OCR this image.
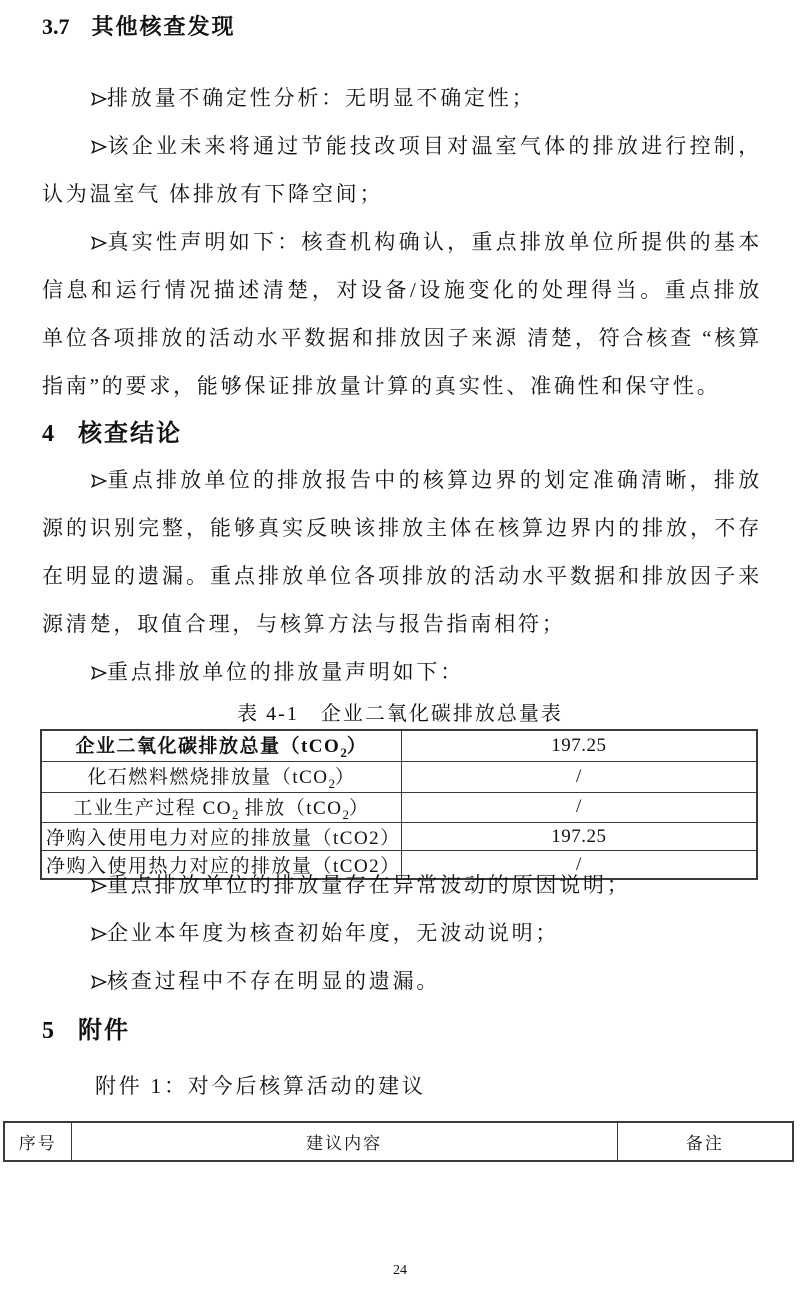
3.7 其他核查发现

排放量不确定性分析：无明显不确定性；

该企业未来将通过节能技改项目对温室气体的排放进行控制，认为温室气 体排放有下降空间；

真实性声明如下：核查机构确认，重点排放单位所提供的基本信息和运行情况描述清楚，对设备/设施变化的处理得当。重点排放单位各项排放的活动水平数据和排放因子来源 清楚，符合核查 “核算指南”的要求，能够保证排放量计算的真实性、准确性和保守性。

4 核查结论

重点排放单位的排放报告中的核算边界的划定准确清晰，排放源的识别完整，能够真实反映该排放主体在核算边界内的排放，不存在明显的遗漏。重点排放单位各项排放的活动水平数据和排放因子来源清楚，取值合理，与核算方法与报告指南相符；

重点排放单位的排放量声明如下：

表 4-1　企业二氧化碳排放总量表
企业二氧化碳排放总量（tCO$_2$）	197.25
化石燃料燃烧排放量（tCO$_2$）	/
工业生产过程 $CO_2$ 排放（tCO$_2$）	/
净购入使用电力对应的排放量（tCO2）	197.25
净购入使用热力对应的排放量（tCO2）	/

重点排放单位的排放量存在异常波动的原因说明；

企业本年度为核查初始年度，无波动说明；

核查过程中不存在明显的遗漏。

5 附件

附件 1：对今后核算活动的建议

序号	建议内容	备注
24
